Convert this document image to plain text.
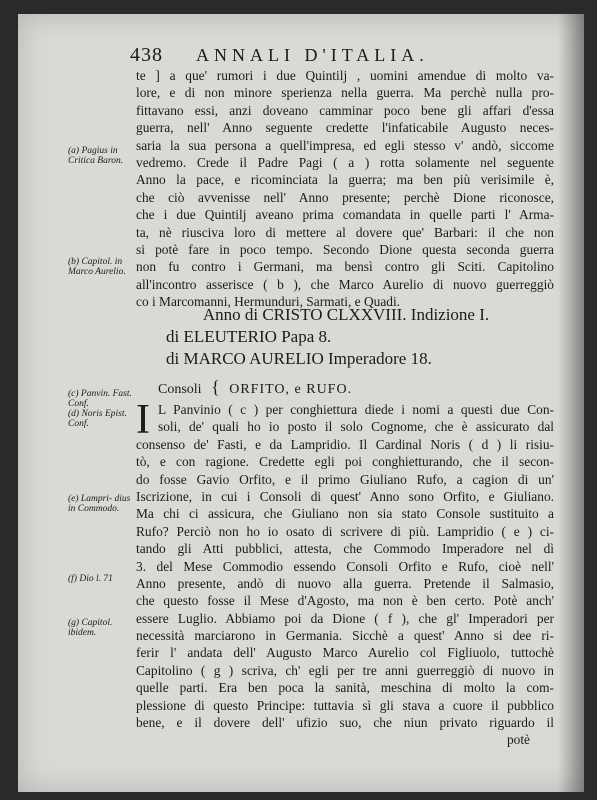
438 ANNALI D'ITALIA.
te ] a que' rumori i due Quintilj , uomini amendue di molto va-
lore, e di non minore sperienza nella guerra. Ma perchè nulla pro-
fittavano essi, anzi doveano camminar poco bene gli affari d'essa
guerra, nell' Anno seguente credette l'infaticabile Augusto neces-
saria la sua persona a quell'impresa, ed egli stesso v' andò, siccome
vedremo. Crede il Padre Pagi ( a ) rotta solamente nel seguente
Anno la pace, e ricominciata la guerra; ma ben più verisimile è,
che ciò avvenisse nell' Anno presente; perchè Dione riconosce,
che i due Quintilj aveano prima comandata in quelle parti l' Arma-
ta, nè riusciva loro di mettere al dovere que' Barbari: il che non
si potè fare in poco tempo. Secondo Dione questa seconda guerra
non fu contro i Germani, ma bensì contro gli Sciti. Capitolino
all'incontro asserisce ( b ), che Marco Aurelio di nuovo guerreggiò
co i Marcomanni, Hermunduri, Sarmati, e Quadi.
(a) Pagius in Critica Baron.
(b) Capitol. in Marco Aurelio.
Anno di CRISTO CLXXVIII. Indizione I.
di ELEUTERIO Papa 8.
di MARCO AURELIO Imperadore 18.
Consoli { ORFITO, e RUFO.
I L Panvinio ( c ) per conghiettura diede i nomi a questi due Con-
soli, de' quali ho io posto il solo Cognome, che è assicurato dal
consenso de' Fasti, e da Lampridio. Il Cardinal Noris ( d ) li risiu-
tò, e con ragione. Credette egli poi conghietturando, che il secon-
do fosse Gavio Orfito, e il primo Giuliano Rufo, a cagion di un'
Iscrizione, in cui i Consoli di quest' Anno sono Orfito, e Giuliano.
Ma chi ci assicura, che Giuliano non sia stato Console sustituito a
Rufo? Perciò non ho io osato di scrivere di più. Lampridio ( e ) ci-
tando gli Atti pubblici, attesta, che Commodo Imperadore nel dì
3. del Mese Commodio essendo Consoli Orfito e Rufo, cioè nell'
Anno presente, andò di nuovo alla guerra. Pretende il Salmasio,
che questo fosse il Mese d'Agosto, ma non è ben certo. Potè anch'
essere Luglio. Abbiamo poi da Dione ( f ), che gl' Imperadori per
necessità marciarono in Germania. Sicchè a quest' Anno si dee ri-
ferir l' andata dell' Augusto Marco Aurelio col Figliuolo, tuttochè
Capitolino ( g ) scriva, ch' egli per tre anni guerreggiò di nuovo in
quelle parti. Era ben poca la sanità, meschina di molto la com-
plessione di questo Principe: tuttavia sì gli stava a cuore il pubblico
bene, e il dovere dell' ufizio suo, che niun privato riguardo il
potè
(c) Panvin. Fast. Conf.
(d) Noris Epist. Conf.
(e) Lampri- dius in Commodo.
(f) Dio l. 71
(g) Capitol. ibidem.
